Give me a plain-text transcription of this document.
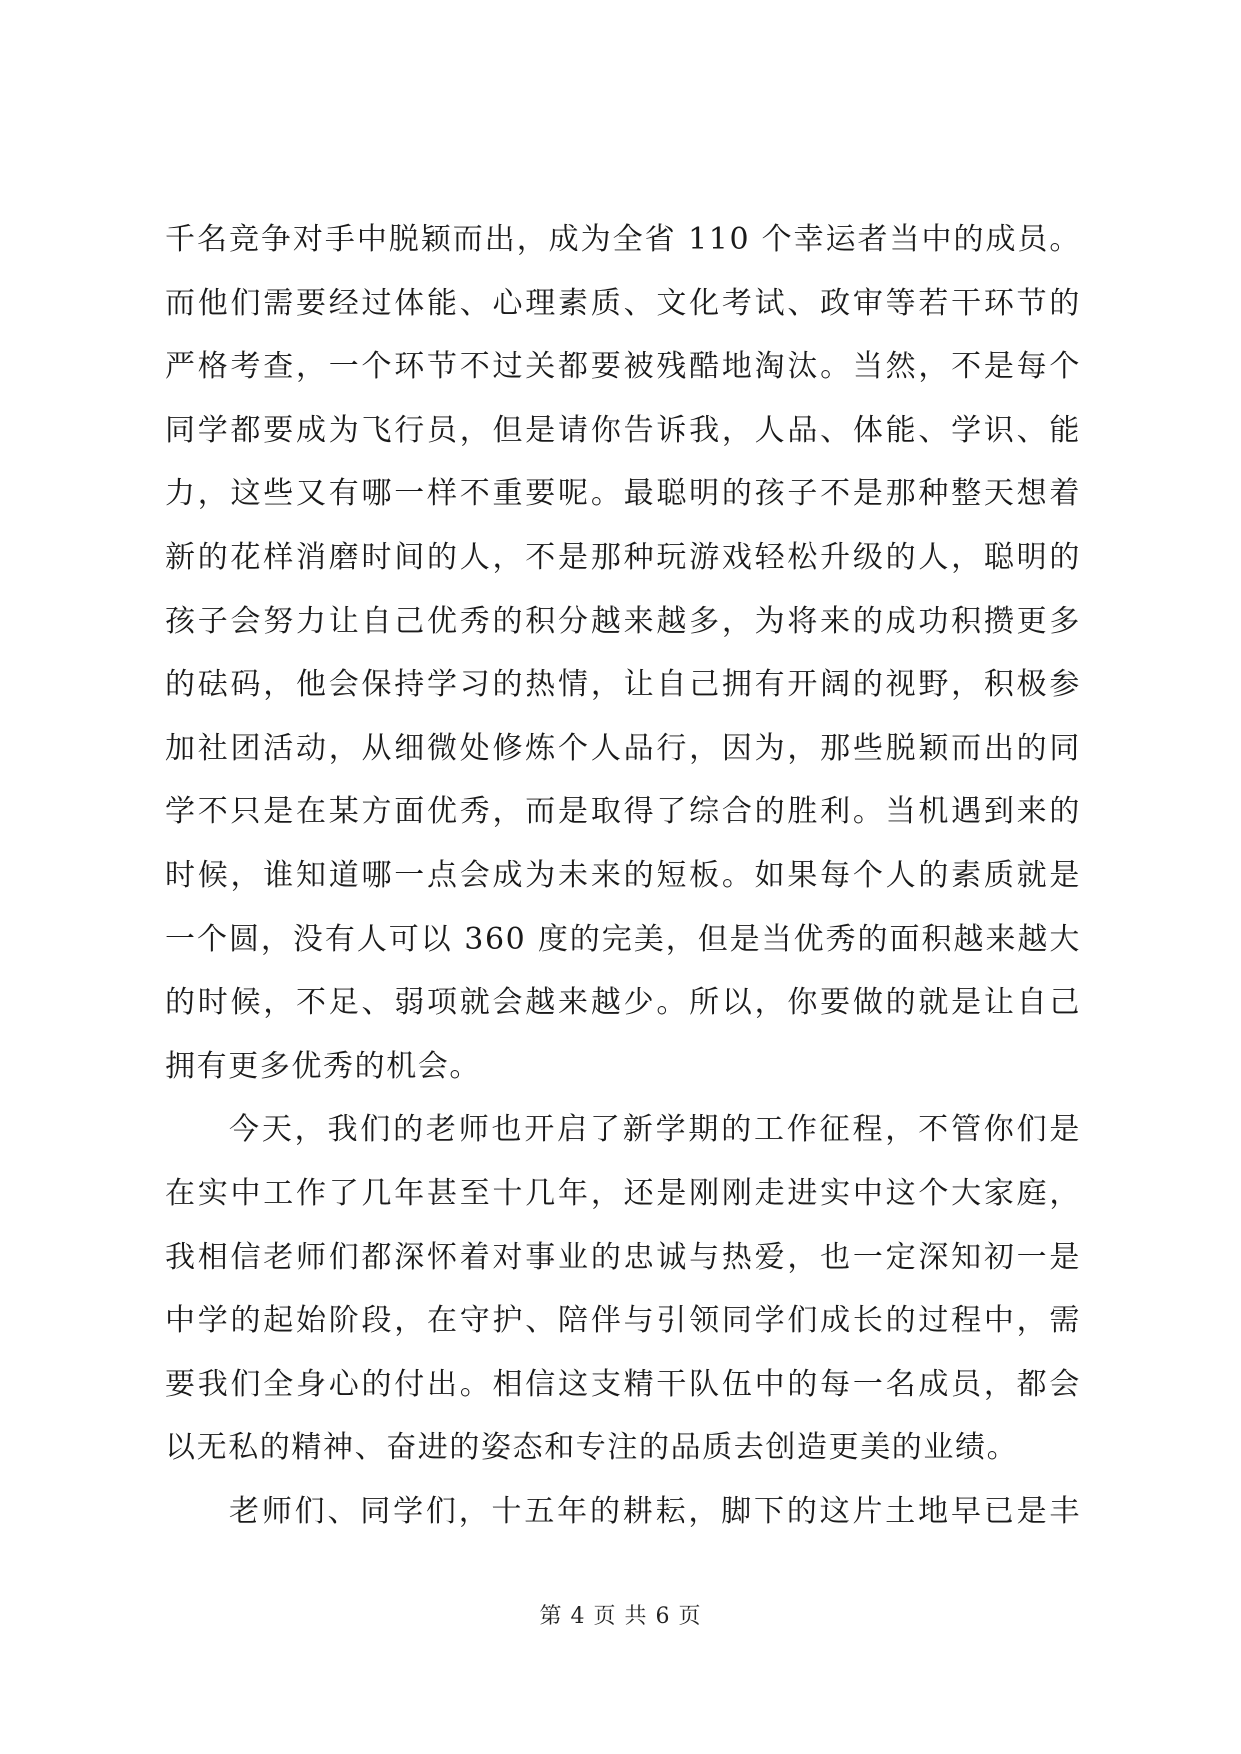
千名竞争对手中脱颖而出，成为全省 110 个幸运者当中的成员。
而他们需要经过体能、心理素质、文化考试、政审等若干环节的
严格考查，一个环节不过关都要被残酷地淘汰。当然，不是每个
同学都要成为飞行员，但是请你告诉我，人品、体能、学识、能
力，这些又有哪一样不重要呢。最聪明的孩子不是那种整天想着
新的花样消磨时间的人，不是那种玩游戏轻松升级的人，聪明的
孩子会努力让自己优秀的积分越来越多，为将来的成功积攒更多
的砝码，他会保持学习的热情，让自己拥有开阔的视野，积极参
加社团活动，从细微处修炼个人品行，因为，那些脱颖而出的同
学不只是在某方面优秀，而是取得了综合的胜利。当机遇到来的
时候，谁知道哪一点会成为未来的短板。如果每个人的素质就是
一个圆，没有人可以 360 度的完美，但是当优秀的面积越来越大
的时候，不足、弱项就会越来越少。所以，你要做的就是让自己
拥有更多优秀的机会。
今天，我们的老师也开启了新学期的工作征程，不管你们是
在实中工作了几年甚至十几年，还是刚刚走进实中这个大家庭，
我相信老师们都深怀着对事业的忠诚与热爱，也一定深知初一是
中学的起始阶段，在守护、陪伴与引领同学们成长的过程中，需
要我们全身心的付出。相信这支精干队伍中的每一名成员，都会
以无私的精神、奋进的姿态和专注的品质去创造更美的业绩。
老师们、同学们，十五年的耕耘，脚下的这片土地早已是丰
第 4 页 共 6 页
